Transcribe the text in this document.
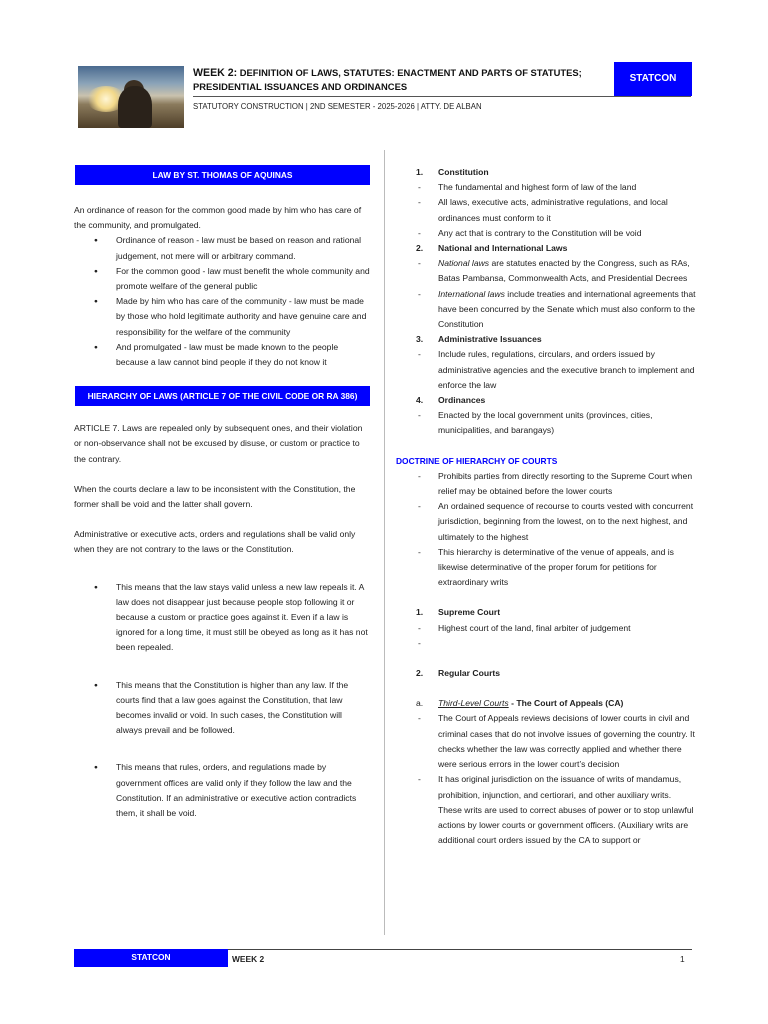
WEEK 2: DEFINITION OF LAWS, STATUTES: ENACTMENT AND PARTS OF STATUTES;
PRESIDENTIAL ISSUANCES AND ORDINANCES
STATUTORY CONSTRUCTION | 2ND SEMESTER - 2025-2026 | ATTY. DE ALBAN
STATCON
LAW BY ST. THOMAS OF AQUINAS

An ordinance of reason for the common good made by him who has care of the community, and promulgated.

● Ordinance of reason - law must be based on reason and rational judgement, not mere will or arbitrary command.
● For the common good - law must benefit the whole community and promote welfare of the general public
● Made by him who has care of the community - law must be made by those who hold legitimate authority and have genuine care and responsibility for the welfare of the community
● And promulgated - law must be made known to the people because a law cannot bind people if they do not know it
HIERARCHY OF LAWS (ARTICLE 7 OF THE CIVIL CODE OR RA 386)

ARTICLE 7. Laws are repealed only by subsequent ones, and their violation or non-observance shall not be excused by disuse, or custom or practice to the contrary.

When the courts declare a law to be inconsistent with the Constitution, the former shall be void and the latter shall govern.

Administrative or executive acts, orders and regulations shall be valid only when they are not contrary to the laws or the Constitution.

● This means that the law stays valid unless a new law repeals it. A law does not disappear just because people stop following it or because a custom or practice goes against it. Even if a law is ignored for a long time, it must still be obeyed as long as it has not been repealed.
● This means that the Constitution is higher than any law. If the courts find that a law goes against the Constitution, that law becomes invalid or void. In such cases, the Constitution will always prevail and be followed.
● This means that rules, orders, and regulations made by government offices are valid only if they follow the law and the Constitution. If an administrative or executive action contradicts them, it shall be void.
1.	Constitution
- The fundamental and highest form of law of the land
- All laws, executive acts, administrative regulations, and local ordinances must conform to it
- Any act that is contrary to the Constitution will be void
2.	National and International Laws
- National laws are statutes enacted by the Congress, such as RAs, Batas Pambansa, Commonwealth Acts, and Presidential Decrees
- International laws include treaties and international agreements that have been concurred by the Senate which must also conform to the Constitution
3.	Administrative Issuances
- Include rules, regulations, circulars, and orders issued by administrative agencies and the executive branch to implement and enforce the law
4.	Ordinances
- Enacted by the local government units (provinces, cities, municipalities, and barangays)
DOCTRINE OF HIERARCHY OF COURTS
- Prohibits parties from directly resorting to the Supreme Court when relief may be obtained before the lower courts
- An ordained sequence of recourse to courts vested with concurrent jurisdiction, beginning from the lowest, on to the next highest, and ultimately to the highest
- This hierarchy is determinative of the venue of appeals, and is likewise determinative of the proper forum for petitions for extraordinary writs
1.	Supreme Court
- Highest court of the land, final arbiter of judgement
-
2.	Regular Courts
a.	Third-Level Courts - The Court of Appeals (CA)
- The Court of Appeals reviews decisions of lower courts in civil and criminal cases that do not involve issues of governing the country. It checks whether the law was correctly applied and whether there were serious errors in the lower court’s decision
- It has original jurisdiction on the issuance of writs of mandamus, prohibition, injunction, and certiorari, and other auxiliary writs. These writs are used to correct abuses of power or to stop unlawful actions by lower courts or government officers. (Auxiliary writs are additional court orders issued by the CA to support or
STATCON	WEEK 2	1
